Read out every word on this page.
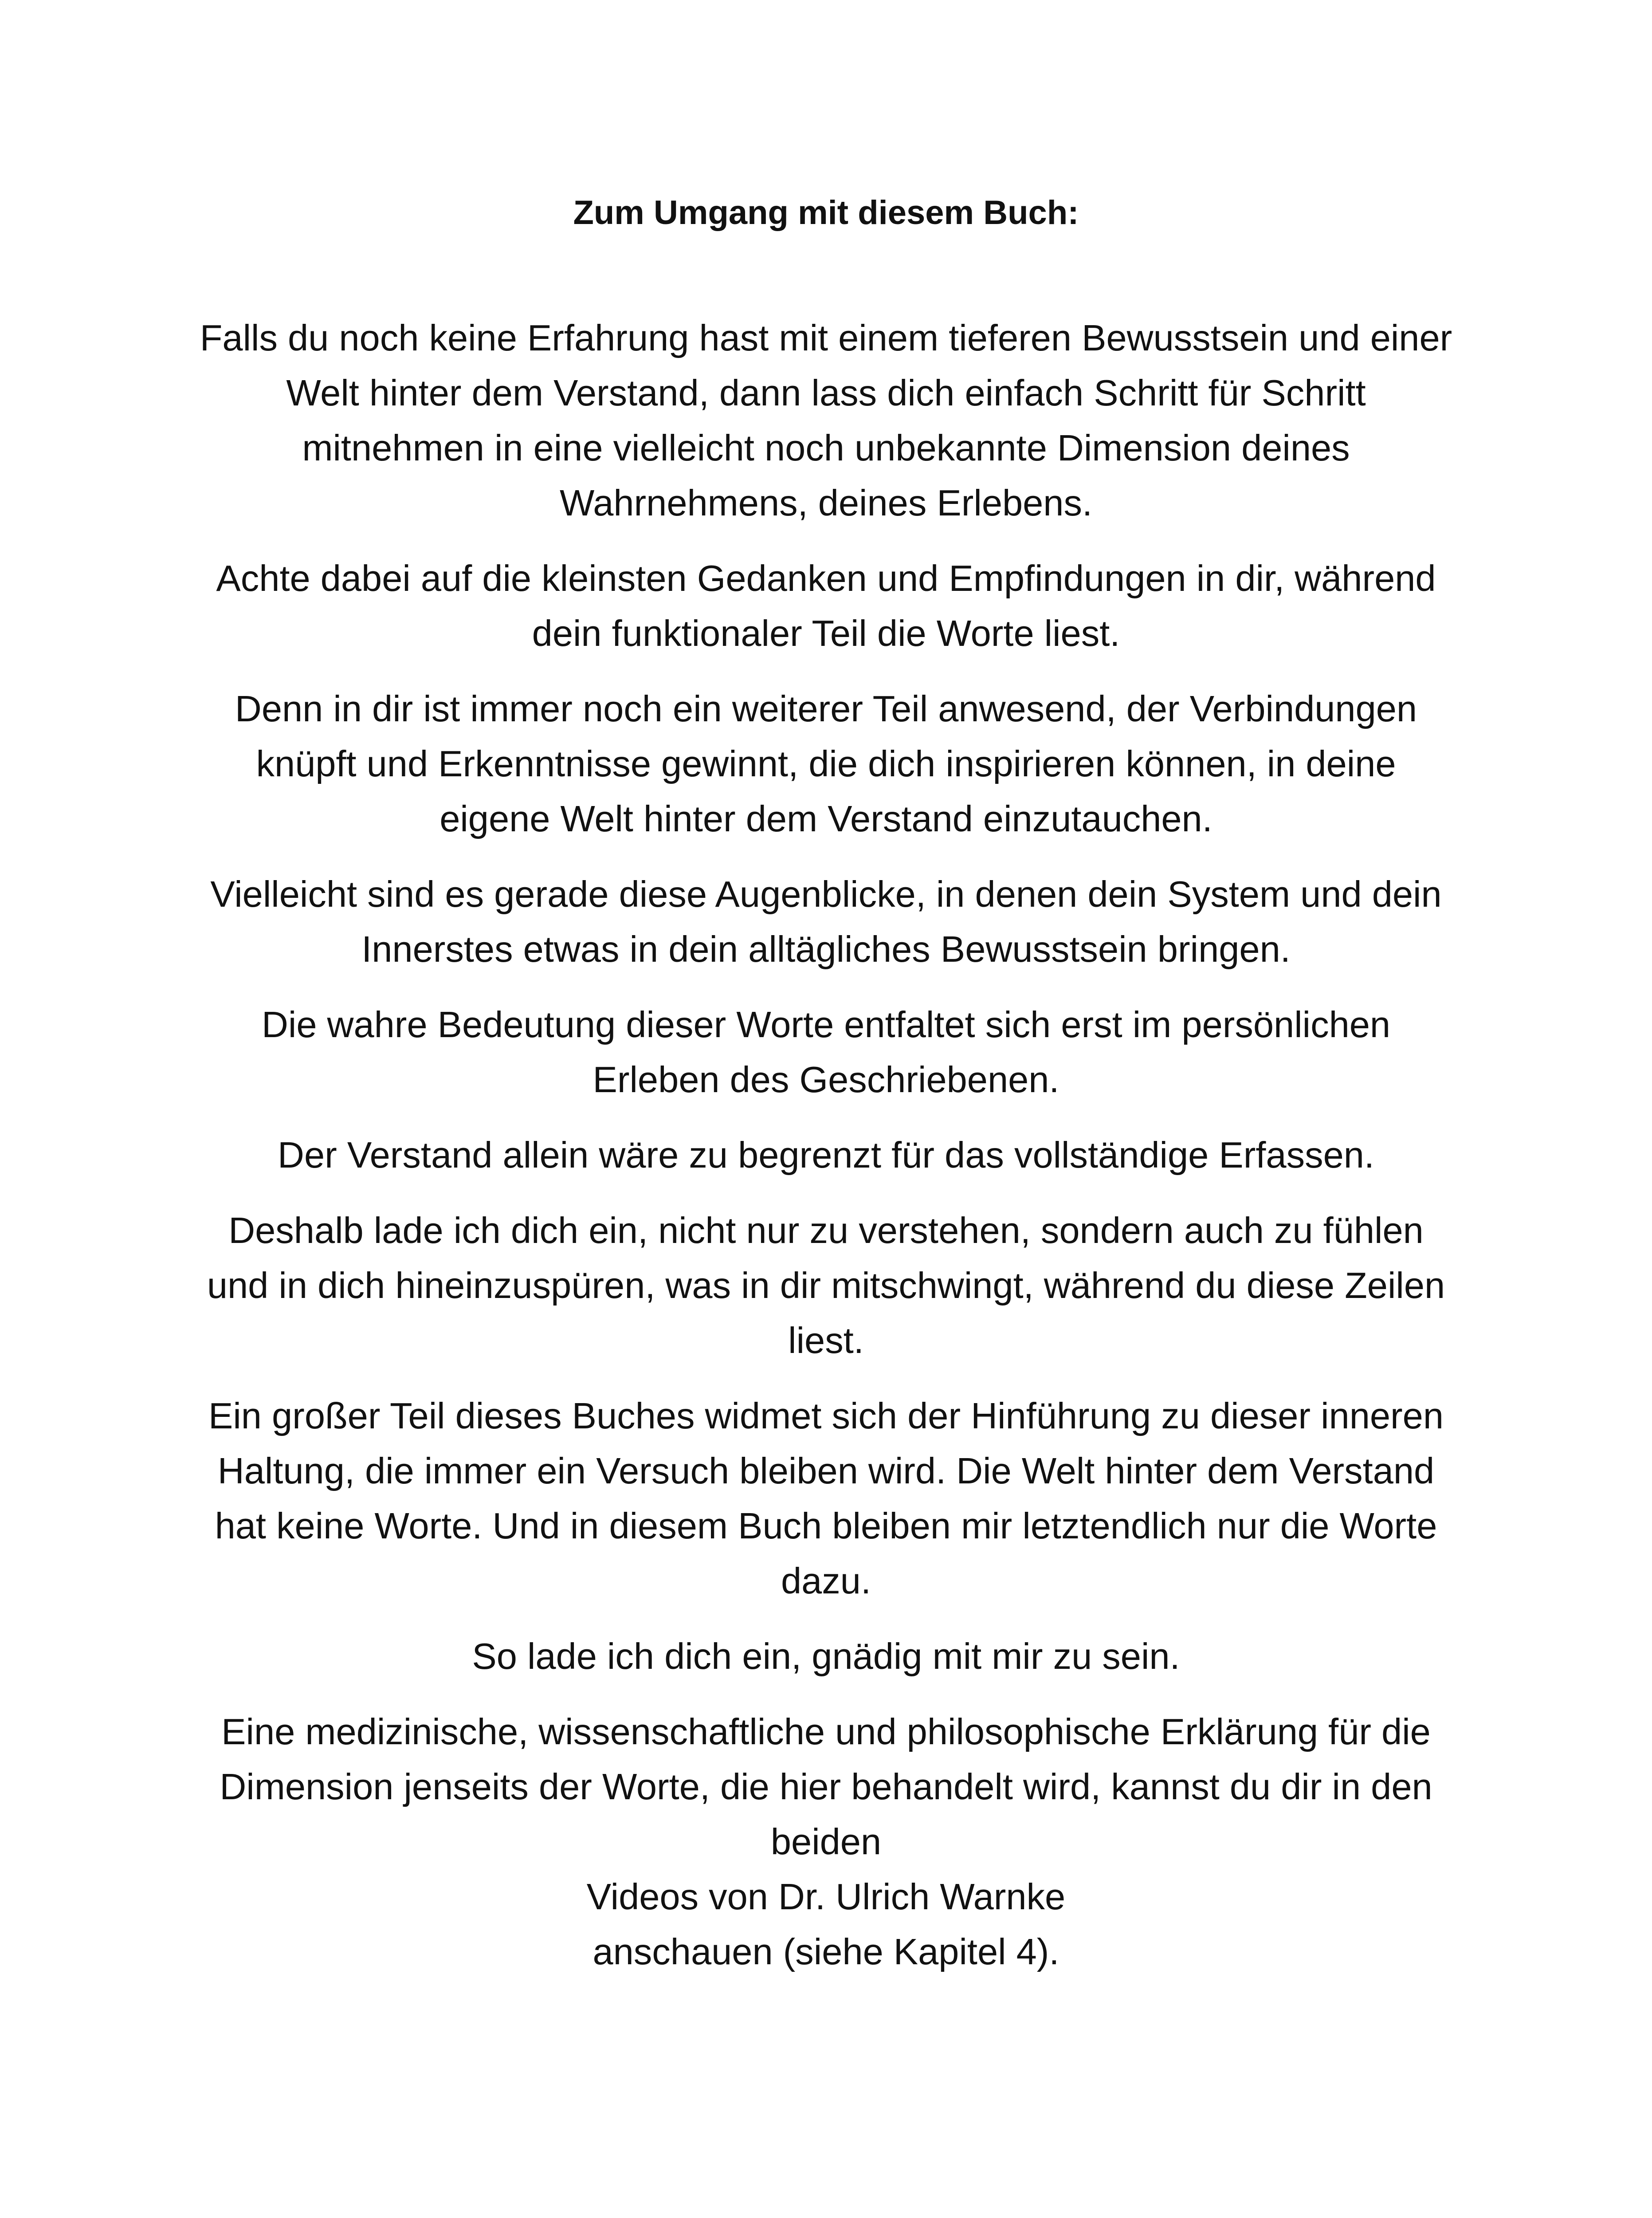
Zum Umgang mit diesem Buch:
Falls du noch keine Erfahrung hast mit einem tieferen Bewusstsein und einer
Welt hinter dem Verstand, dann lass dich einfach Schritt für Schritt
mitnehmen in eine vielleicht noch unbekannte Dimension deines
Wahrnehmens, deines Erlebens.
Achte dabei auf die kleinsten Gedanken und Empfindungen in dir, während
dein funktionaler Teil die Worte liest.
Denn in dir ist immer noch ein weiterer Teil anwesend, der Verbindungen
knüpft und Erkenntnisse gewinnt, die dich inspirieren können, in deine
eigene Welt hinter dem Verstand einzutauchen.
Vielleicht sind es gerade diese Augenblicke, in denen dein System und dein
Innerstes etwas in dein alltägliches Bewusstsein bringen.
Die wahre Bedeutung dieser Worte entfaltet sich erst im persönlichen
Erleben des Geschriebenen.
Der Verstand allein wäre zu begrenzt für das vollständige Erfassen.
Deshalb lade ich dich ein, nicht nur zu verstehen, sondern auch zu fühlen
und in dich hineinzuspüren, was in dir mitschwingt, während du diese Zeilen
liest.
Ein großer Teil dieses Buches widmet sich der Hinführung zu dieser inneren
Haltung, die immer ein Versuch bleiben wird. Die Welt hinter dem Verstand
hat keine Worte. Und in diesem Buch bleiben mir letztendlich nur die Worte
dazu.
So lade ich dich ein, gnädig mit mir zu sein.
Eine medizinische, wissenschaftliche und philosophische Erklärung für die
Dimension jenseits der Worte, die hier behandelt wird, kannst du dir in den
beiden
Videos von Dr. Ulrich Warnke
anschauen (siehe Kapitel 4).
